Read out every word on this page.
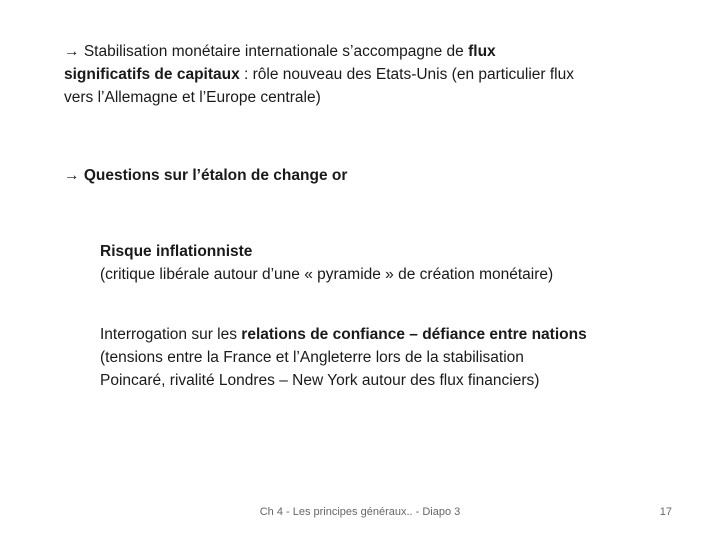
→ Stabilisation monétaire internationale s’accompagne de flux
significatifs de capitaux : rôle nouveau des Etats-Unis (en particulier flux
vers l’Allemagne et l’Europe centrale)
→ Questions sur l’étalon de change or
Risque inflationniste
(critique libérale autour d’une « pyramide » de création monétaire)
Interrogation sur les relations de confiance – défiance entre nations
(tensions entre la France et l’Angleterre lors de la stabilisation
Poincaré, rivalité Londres – New York autour des flux financiers)
Ch 4 - Les principes généraux.. - Diapo 3	17
